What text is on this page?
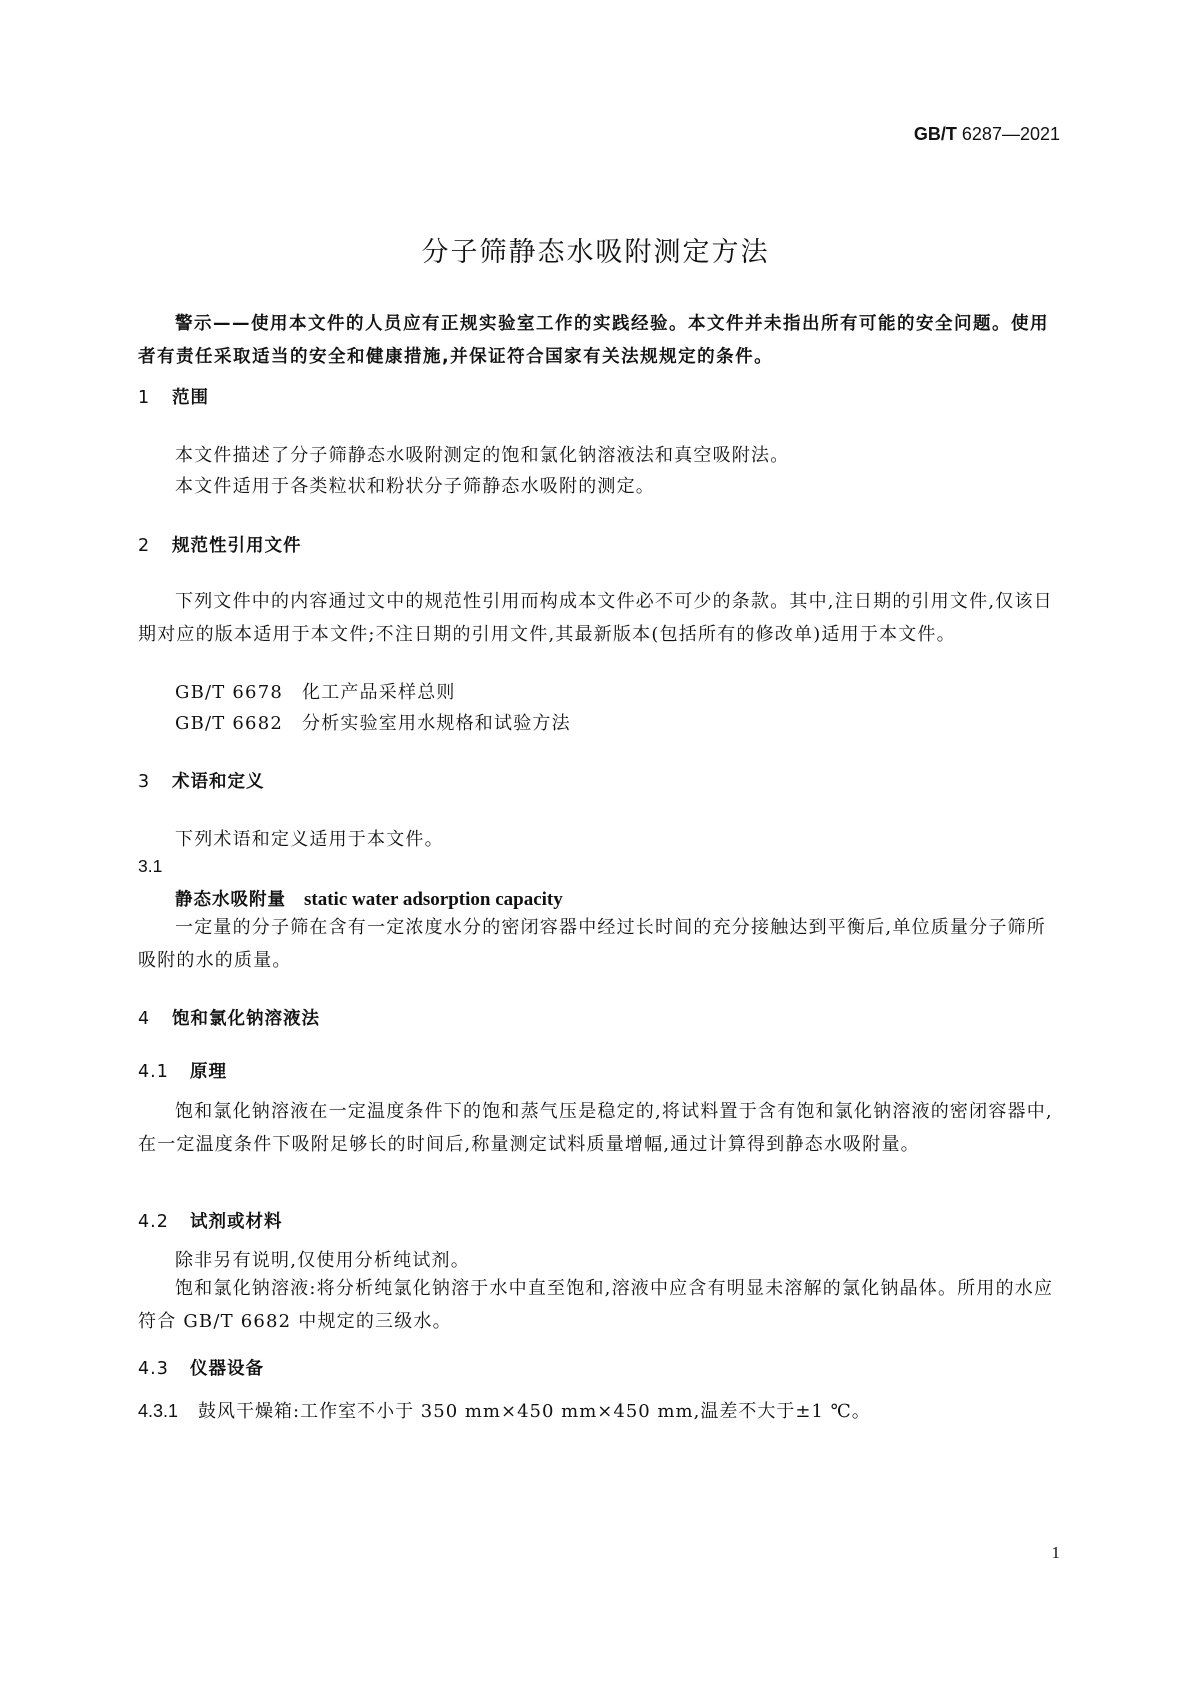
GB/T 6287—2021
分子筛静态水吸附测定方法
警示——使用本文件的人员应有正规实验室工作的实践经验。本文件并未指出所有可能的安全问题。使用者有责任采取适当的安全和健康措施,并保证符合国家有关法规规定的条件。
1 范围
本文件描述了分子筛静态水吸附测定的饱和氯化钠溶液法和真空吸附法。
本文件适用于各类粒状和粉状分子筛静态水吸附的测定。
2 规范性引用文件
下列文件中的内容通过文中的规范性引用而构成本文件必不可少的条款。其中,注日期的引用文件,仅该日期对应的版本适用于本文件;不注日期的引用文件,其最新版本(包括所有的修改单)适用于本文件。
GB/T 6678 化工产品采样总则
GB/T 6682 分析实验室用水规格和试验方法
3 术语和定义
下列术语和定义适用于本文件。
3.1
静态水吸附量 static water adsorption capacity
一定量的分子筛在含有一定浓度水分的密闭容器中经过长时间的充分接触达到平衡后,单位质量分子筛所吸附的水的质量。
4 饱和氯化钠溶液法
4.1 原理
饱和氯化钠溶液在一定温度条件下的饱和蒸气压是稳定的,将试料置于含有饱和氯化钠溶液的密闭容器中,在一定温度条件下吸附足够长的时间后,称量测定试料质量增幅,通过计算得到静态水吸附量。
4.2 试剂或材料
除非另有说明,仅使用分析纯试剂。
饱和氯化钠溶液:将分析纯氯化钠溶于水中直至饱和,溶液中应含有明显未溶解的氯化钠晶体。所用的水应符合 GB/T 6682 中规定的三级水。
4.3 仪器设备
4.3.1 鼓风干燥箱:工作室不小于 350 mm×450 mm×450 mm,温差不大于±1 ℃。
1
